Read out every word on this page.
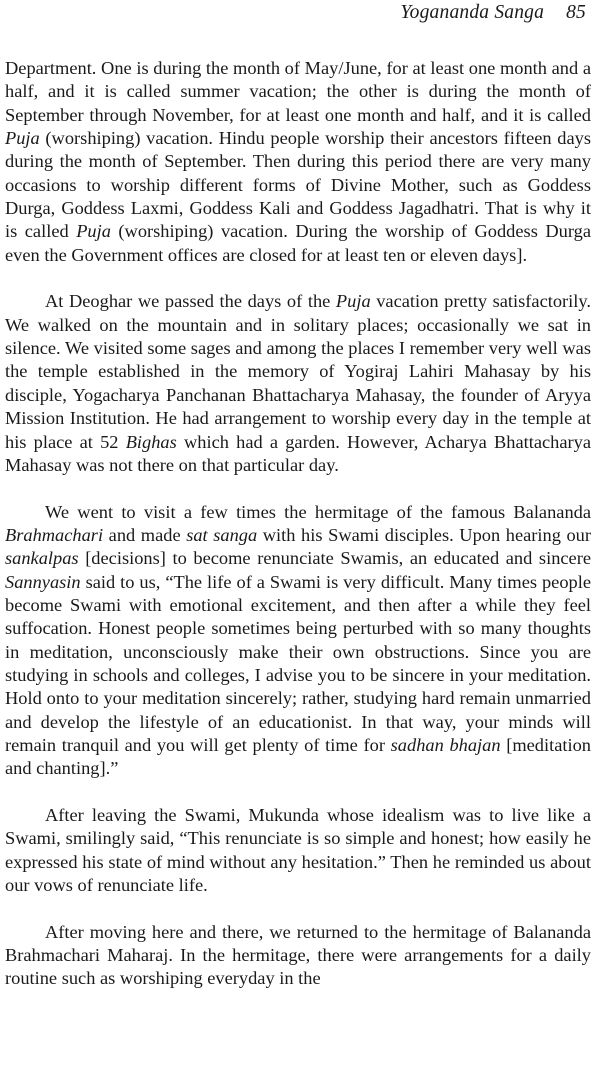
Yogananda Sanga 85

Department. One is during the month of May/June, for at least one month and a half, and it is called summer vacation; the other is during the month of September through November, for at least one month and half, and it is called Puja (worshiping) vacation. Hindu people worship their ancestors fifteen days during the month of September. Then during this period there are very many occasions to worship different forms of Divine Mother, such as Goddess Durga, Goddess Laxmi, Goddess Kali and Goddess Jagadhatri. That is why it is called Puja (worshiping) vacation. During the worship of Goddess Durga even the Government offices are closed for at least ten or eleven days].

At Deoghar we passed the days of the Puja vacation pretty satisfactorily. We walked on the mountain and in solitary places; occasionally we sat in silence. We visited some sages and among the places I remember very well was the temple established in the memory of Yogiraj Lahiri Mahasay by his disciple, Yogacharya Panchanan Bhattacharya Mahasay, the founder of Aryya Mission Institution. He had arrangement to worship every day in the temple at his place at 52 Bighas which had a garden. However, Acharya Bhattacharya Mahasay was not there on that particular day.

We went to visit a few times the hermitage of the famous Balananda Brahmachari and made sat sanga with his Swami disciples. Upon hearing our sankalpas [decisions] to become renunciate Swamis, an educated and sincere Sannyasin said to us, “The life of a Swami is very difficult. Many times people become Swami with emotional excitement, and then after a while they feel suffocation. Honest people sometimes being perturbed with so many thoughts in meditation, unconsciously make their own obstructions. Since you are studying in schools and colleges, I advise you to be sincere in your meditation. Hold onto to your meditation sincerely; rather, studying hard remain unmarried and develop the lifestyle of an educationist. In that way, your minds will remain tranquil and you will get plenty of time for sadhan bhajan [meditation and chanting].”

After leaving the Swami, Mukunda whose idealism was to live like a Swami, smilingly said, “This renunciate is so simple and honest; how easily he expressed his state of mind without any hesitation.” Then he reminded us about our vows of renunciate life.

After moving here and there, we returned to the hermitage of Balananda Brahmachari Maharaj. In the hermitage, there were arrangements for a daily routine such as worshiping everyday in the
